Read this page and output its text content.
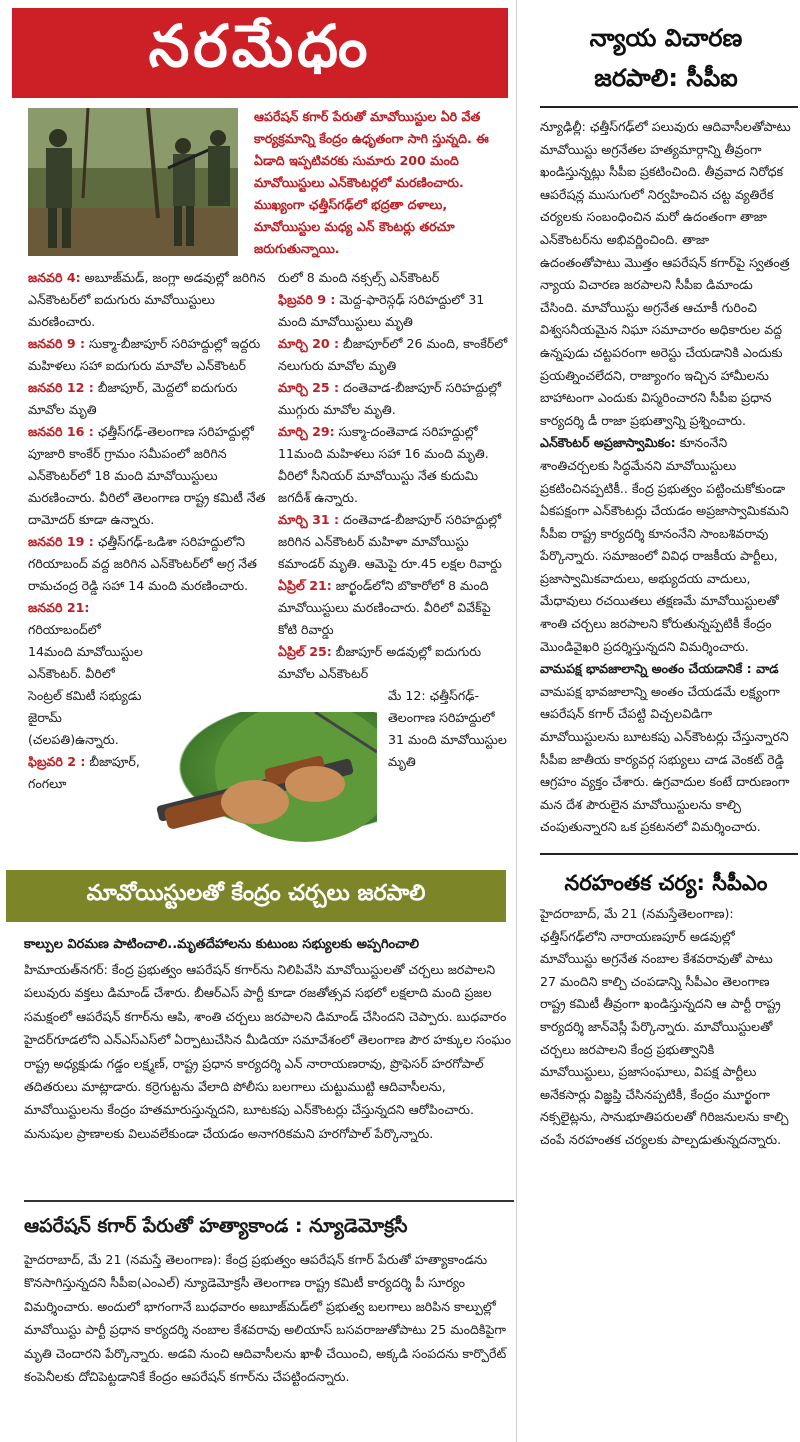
నరమేధం
ఆపరేషన్ కగార్ పేరుతో మావోయిస్టుల ఏరి వేత కార్యక్రమాన్ని కేంద్రం ఉధృతంగా సాగి స్తున్నది. ఈ ఏడాది ఇప్పటివరకు సుమారు 200 మంది మావోయిస్టులు ఎన్‌కౌంటర్లలో మరణించారు. ముఖ్యంగా ఛత్తీస్‌గఢ్‌లో భద్రతా దళాలు, మావోయిస్టుల మధ్య ఎన్ కౌంటర్లు తరచూ జరుగుతున్నాయి.

జనవరి 4: అబూజ్‌మడ్‌, జంగ్లా అడవుల్లో జరిగిన ఎన్‌కౌంటర్‌లో ఐదుగురు మావోయిస్టులు మరణించారు.

జనవరి 9 : సుక్మా-బీజాపూర్ సరిహద్దుల్లో ఇద్దరు మహిళలు సహా ఐదుగురు మావోల ఎన్‌కౌంటర్

జనవరి 12 : బీజాపూర్‌, మెద్దలో ఐదుగురు మావోల మృతి

జనవరి 16 : ఛత్తీస్‌గఢ్-తెలంగాణ సరిహద్దుల్లో పూజారి కాంకేర్ గ్రామం సమీపంలో జరిగిన ఎన్‌కౌంటర్‌లో 18 మంది మావోయిస్టులు మరణించారు. వీరిలో తెలంగాణ రాష్ట్ర కమిటీ నేత దామోదర్ కూడా ఉన్నారు.

జనవరి 19 : ఛత్తీస్‌గఢ్-ఒడిశా సరిహద్దులోని గరియాబంద్ వద్ద జరిగిన ఎన్‌కౌంటర్‌లో అగ్ర నేత రామచంద్ర రెడ్డి సహా 14 మంది మరణించారు.

జనవరి 21: గరియాబంద్‌లో 14మంది మావోయిస్టుల ఎన్‌కౌంటర్. వీరిలో సెంట్రల్ కమిటీ సభ్యుడు జైరామ్ (చలపతి)ఉన్నారు.

ఫిబ్రవరి 2 : బీజాపూర్‌, గంగలూ

రులో 8 మంది నక్సల్స్ ఎన్‌కౌంటర్

ఫిబ్రవరి 9 : మెద్ద-ఫారెస్గఢ్ సరిహద్దులో 31 మంది మావోయిస్టులు మృతి

మార్చి 20 : బీజాపూర్‌లో 26 మంది, కాంకేర్‌లో నలుగురు మావోల మృతి

మార్చి 25 : దంతెవాడ-బీజాపూర్ సరిహద్దుల్లో ముగ్గురు మావోల మృతి.

మార్చి 29: సుక్మా-దంతెవాడ సరిహద్దుల్లో 11మంది మహిళలు సహా 16 మంది మృతి. వీరిలో సీనియర్ మావోయిస్టు నేత కుదుమి జగదీశ్ ఉన్నారు.

మార్చి 31 : దంతెవాడ-బీజాపూర్ సరిహద్దుల్లో జరిగిన ఎన్‌కౌంటర్ మహిళా మావోయిస్టు కమాండర్ మృతి. ఆమెపై రూ.45 లక్షల రివార్డు

ఏప్రిల్ 21: జార్ఖండ్‌లోని బొకారోలో 8 మంది మావోయిస్టులు మరణించారు. వీరిలో వివేక్‌పై కోటి రివార్డు

ఏప్రిల్ 25: బీజాపూర్ అడవుల్లో ఐదుగురు మావోల ఎన్‌కౌంటర్

మే 12: ఛత్తీస్‌గఢ్-తెలంగాణ సరిహద్దులో 31 మంది మావోయిస్టుల మృతి

న్యాయ విచారణ
జరపాలి: సీపీఐ

న్యూఢిల్లీ: ఛత్తీస్‌గఢ్‌లో పలువురు ఆదివాసీలతోపాటు మావోయిస్టు అగ్రనేతల హత్యమార్గాన్ని తీవ్రంగా ఖండిస్తున్నట్లు సీపీఐ ప్రకటించింది. తీవ్రవాద నిరోధక ఆపరేషన్ల ముసుగులో నిర్వహించిన చట్ట వ్యతిరేక చర్యలకు సంబంధించిన మరో ఉదంతంగా తాజా ఎన్‌కౌంటర్‌ను అభివర్ణించింది. తాజా ఉదంతంతోపాటు మొత్తం ఆపరేషన్ కగార్‌పై స్వతంత్ర న్యాయ విచారణ జరపాలని సీపీఐ డిమాండు చేసింది. మావోయిస్టు అగ్రనేత ఆచూకీ గురించి విశ్వసనీయమైన నిఘా సమాచారం అధికారుల వద్ద ఉన్నపుడు చట్టపరంగా అరెస్టు చేయడానికి ఎందుకు ప్రయత్నించలేదని, రాజ్యాంగం ఇచ్చిన హామీలను బాహాటంగా ఎందుకు విస్మరించారని సీపీఐ ప్రధాన కార్యదర్శి డీ రాజా ప్రభుత్వాన్ని ప్రశ్నించారు.

ఎన్‌కౌంటర్ అప్రజాస్వామికం: కూనంనేని శాంతిచర్చలకు సిద్ధమేనని మావోయిస్టులు ప్రకటించినప్పటికీ.. కేంద్ర ప్రభుత్వం పట్టించుకోకుండా ఏకపక్షంగా ఎన్‌కౌంటర్లు చేయడం అప్రజాస్వామికమని సీపీఐ రాష్ట్ర కార్యదర్శి కూనంనేని సాంబశివరావు పేర్కొన్నారు. సమాజంలో వివిధ రాజకీయ పార్టీలు, ప్రజాస్వామికవాదులు, అభ్యుదయ వాదులు, మేధావులు రచయితలు తక్షణమే మావోయిస్టులతో శాంతి చర్చలు జరపాలని కోరుతున్నప్పటికీ కేంద్రం మొండివైఖరి ప్రదర్శిస్తున్నదని విమర్శించారు.

వామపక్ష భావజాలాన్ని అంతం చేయడానికే : వాడ

వామపక్ష భావజాలాన్ని అంతం చేయడమే లక్ష్యంగా ఆపరేషన్ కగార్ చేపట్టి విచ్చలవిడిగా మావోయిస్టులను బూటకపు ఎన్‌కౌంటర్లు చేస్తున్నారని సీపీఐ జాతీయ కార్యవర్గ సభ్యులు చాడ వెంకట్ రెడ్డి ఆగ్రహం వ్యక్తం చేశారు. ఉగ్రవాదుల కంటే దారుణంగా మన దేశ పౌరులైన మావోయిస్టులను కాల్చి చంపుతున్నారని ఒక ప్రకటనలో విమర్శించారు.

నరహంతక చర్య: సీపీఎం

హైదరాబాద్, మే 21 (నమస్తేతెలంగాణ): ఛత్తీస్‌గఢ్‌లోని నారాయణపూర్ అడవుల్లో మావోయిస్టు అగ్రనేత నంబాల కేశవరావుతో పాటు 27 మందిని కాల్చి చంపడాన్ని సీపీఎం తెలంగాణ రాష్ట్ర కమిటీ తీవ్రంగా ఖండిస్తున్నదని ఆ పార్టీ రాష్ట్ర కార్యదర్శి జాన్‌వెస్లీ పేర్కొన్నారు. మావోయిస్టులతో చర్చలు జరపాలని కేంద్ర ప్రభుత్వానికి మావోయిస్టులు, ప్రజాసంఘాలు, విపక్ష పార్టీలు అనేకసార్లు విజ్ఞప్తి చేసినప్పటికీ, కేంద్రం మూర్ఖంగా నక్సలైట్లను, సానుభూతిపరులతో గిరిజనులను కాల్చి చంపే నరహంతక చర్యలకు పాల్పడుతున్నదన్నారు.

మావోయిస్టులతో కేంద్రం చర్చలు జరపాలి
కాల్పుల విరమణ పాటించాలి..మృతదేహాలను కుటుంబ సభ్యులకు అప్పగించాలి
హిమాయత్‌నగర్: కేంద్ర ప్రభుత్వం ఆపరేషన్ కగార్‌ను నిలిపివేసి మావోయిస్టులతో చర్చలు జరపాలని పలువురు వక్తలు డిమాండ్ చేశారు. బీఆర్‌ఎస్ పార్టీ కూడా రజతోత్సవ సభలో లక్షలాది మంది ప్రజల సమక్షంలో ఆపరేషన్ కగార్‌ను ఆపి, శాంతి చర్చలు జరపాలని డిమాండ్ చేసిందని చెప్పారు. బుధవారం హైదర్‌గూడలోని ఎన్‌ఎస్‌ఎస్‌లో ఏర్పాటుచేసిన మీడియా సమావేశంలో తెలంగాణ పౌర హక్కుల సంఘం రాష్ట్ర అధ్యక్షుడు గడ్డం లక్ష్మణ్, రాష్ట్ర ప్రధాన కార్యదర్శి ఎన్ నారాయణరావు, ప్రొఫెసర్ హరగోపాల్ తదితరులు మాట్లాడారు. కర్రెగుట్టను వేలాది పోలీసు బలగాలు చుట్టుముట్టి ఆదివాసీలను, మావోయిస్టులను కేంద్రం హతమారుస్తున్నదని, బూటకపు ఎన్‌కౌంటర్లు చేస్తున్నదని ఆరోపించారు. మనుషుల ప్రాణాలకు విలువలేకుండా చేయడం అనాగరికమని హరగోపాల్ పేర్కొన్నారు.
ఆపరేషన్ కగార్ పేరుతో హత్యాకాండ : న్యూడెమోక్రసీ
హైదరాబాద్, మే 21 (నమస్తే తెలంగాణ): కేంద్ర ప్రభుత్వం ఆపరేషన్ కగార్ పేరుతో హత్యాకాండను కొనసాగిస్తున్నదని సీపీఐ(ఎంఎల్) న్యూడెమోక్రసీ తెలంగాణ రాష్ట్ర కమిటీ కార్యదర్శి పీ సూర్యం విమర్శించారు. అందులో భాగంగానే బుధవారం అబూజ్‌మడ్‌లో ప్రభుత్వ బలగాలు జరిపిన కాల్పుల్లో మావోయిస్టు పార్టీ ప్రధాన కార్యదర్శి నంబాల కేశవరావు అలియాస్ బసవరాజుతోపాటు 25 మందికిపైగా మృతి చెందారని పేర్కొన్నారు. అడవి నుంచి ఆదివాసీలను ఖాళీ చేయించి, అక్కడి సంపదను కార్పొరేట్ కంపెనీలకు దోచిపెట్టడానికే కేంద్రం ఆపరేషన్ కగార్‌ను చేపట్టిందన్నారు.
